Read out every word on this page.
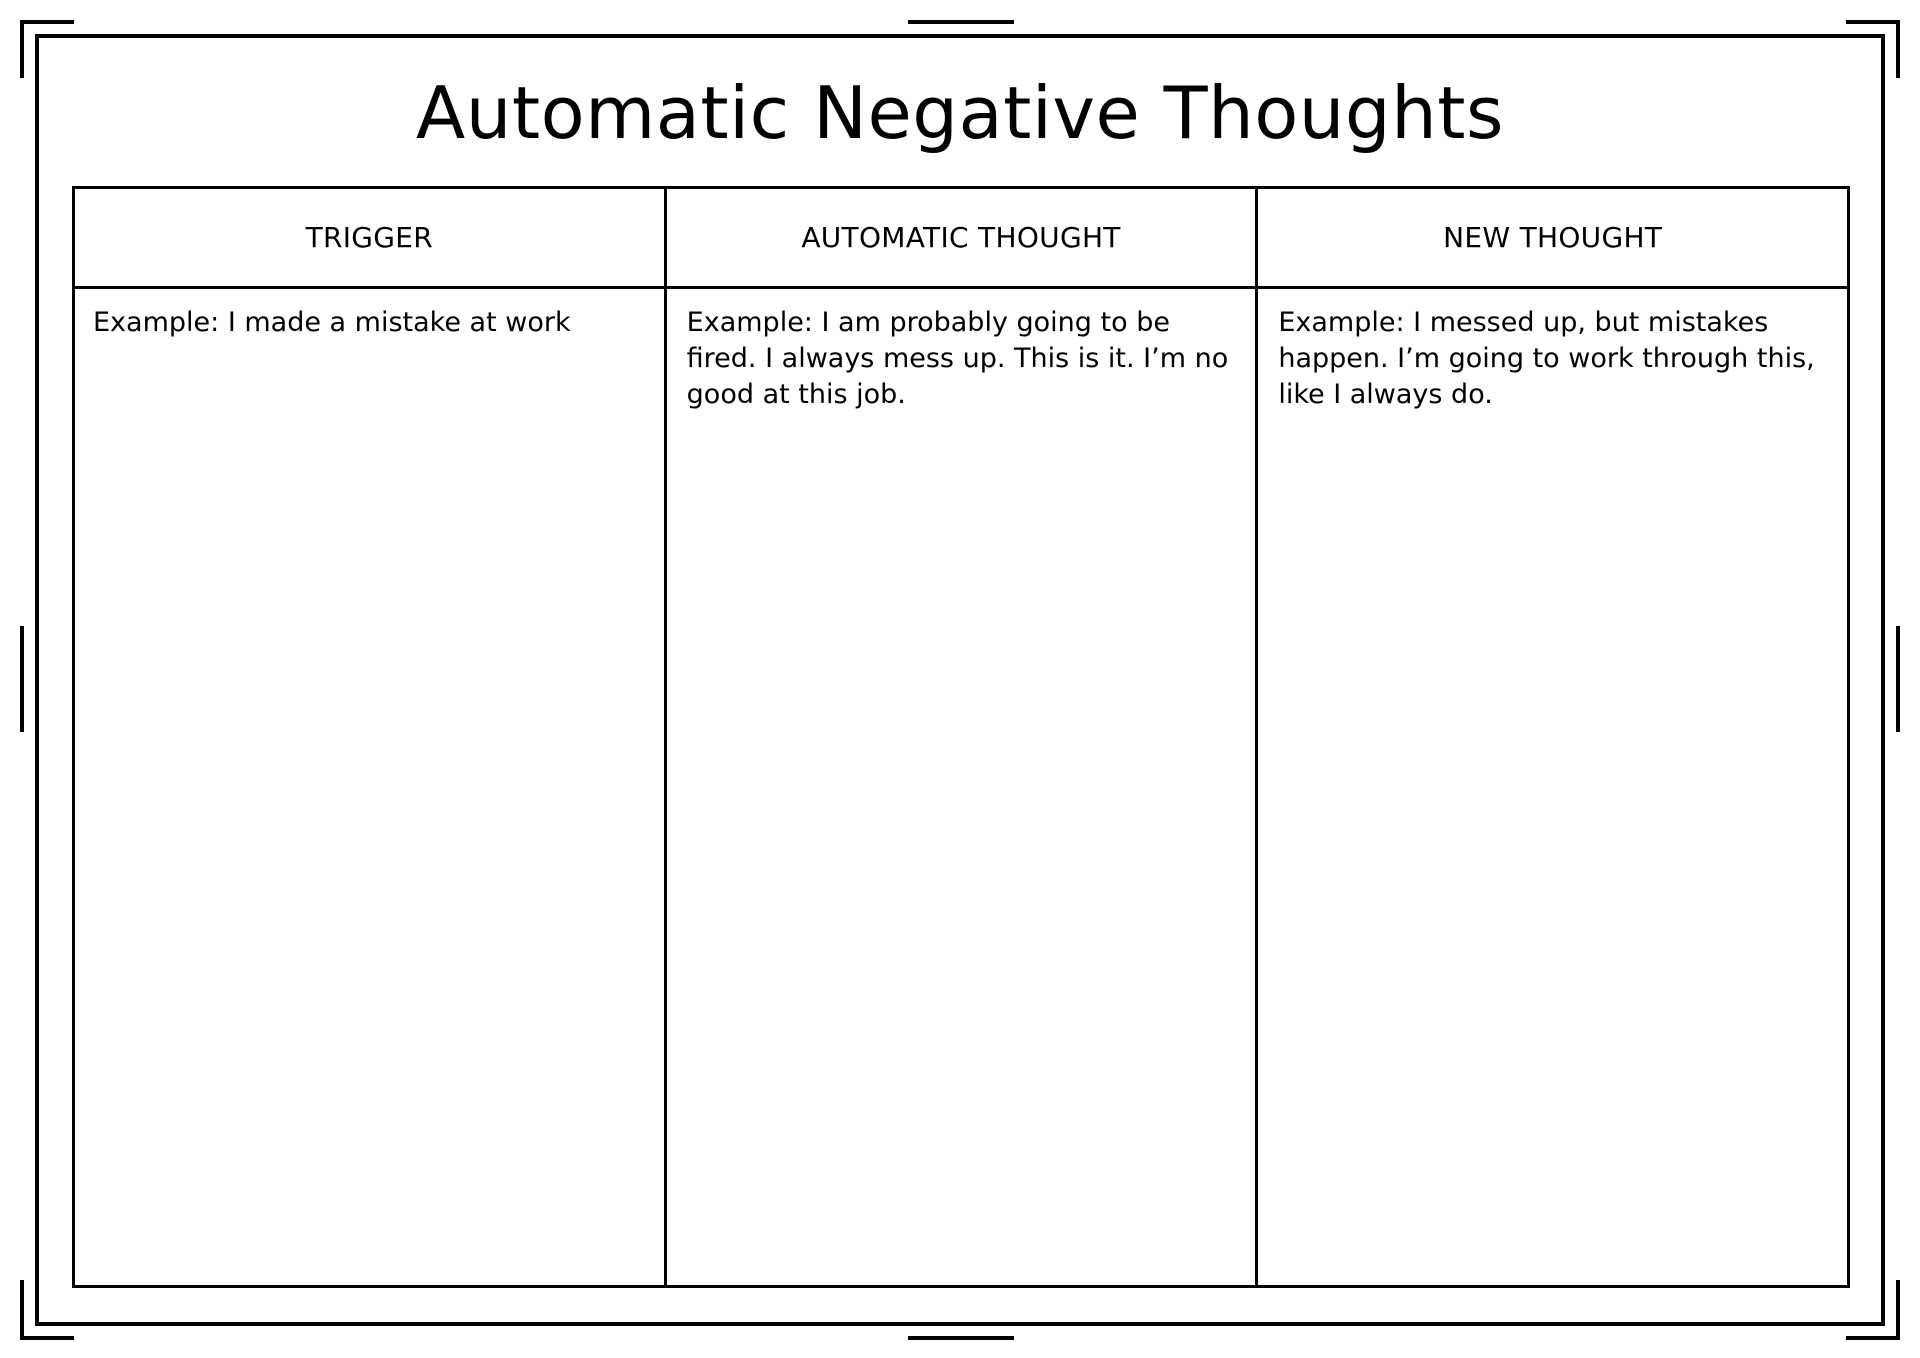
Automatic Negative Thoughts
TRIGGER
Example: I made a mistake at work
AUTOMATIC THOUGHT
Example: I am probably going to be fired. I always mess up. This is it. I’m no good at this job.
NEW THOUGHT
Example: I messed up, but mistakes happen. I’m going to work through this, like I always do.
